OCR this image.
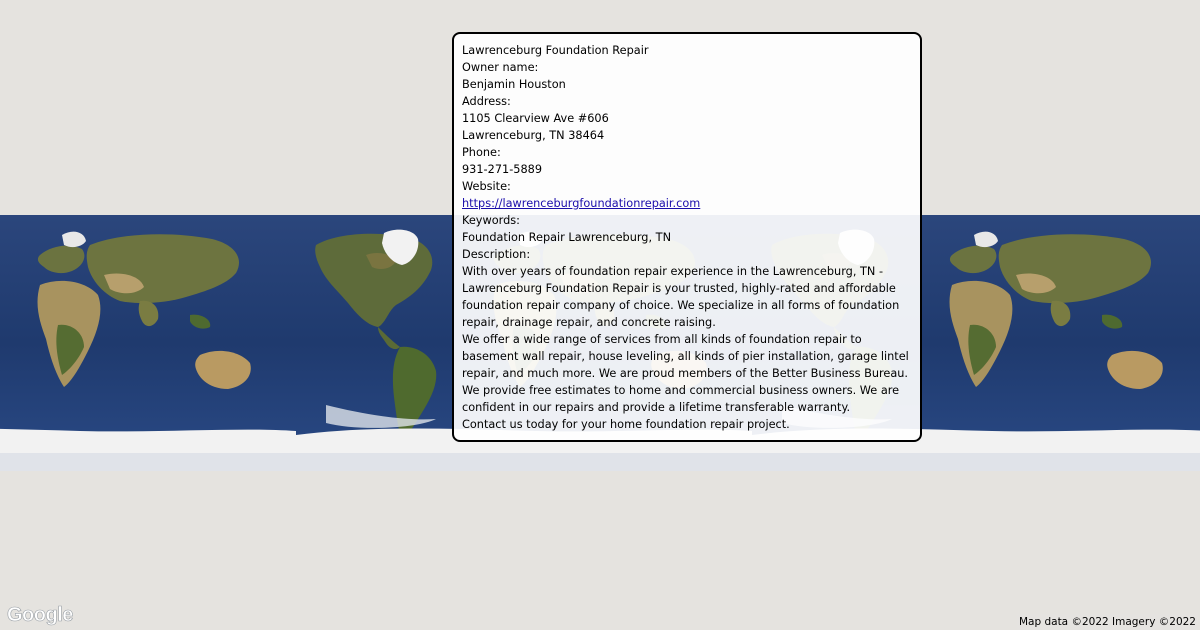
Lawrenceburg Foundation Repair
Owner name:
Benjamin Houston
Address:
1105 Clearview Ave #606
Lawrenceburg, TN 38464
Phone:
931-271-5889
Website:
https://lawrenceburgfoundationrepair.com
Keywords:
Foundation Repair Lawrenceburg, TN
Description:
With over years of foundation repair experience in the Lawrenceburg, TN - Lawrenceburg Foundation Repair is your trusted, highly-rated and affordable foundation repair company of choice. We specialize in all forms of foundation repair, drainage repair, and concrete raising.
We offer a wide range of services from all kinds of foundation repair to basement wall repair, house leveling, all kinds of pier installation, garage lintel repair, and much more. We are proud members of the Better Business Bureau. We provide free estimates to home and commercial business owners. We are confident in our repairs and provide a lifetime transferable warranty.
Contact us today for your home foundation repair project.
Google	Map data ©2022 Imagery ©2022
